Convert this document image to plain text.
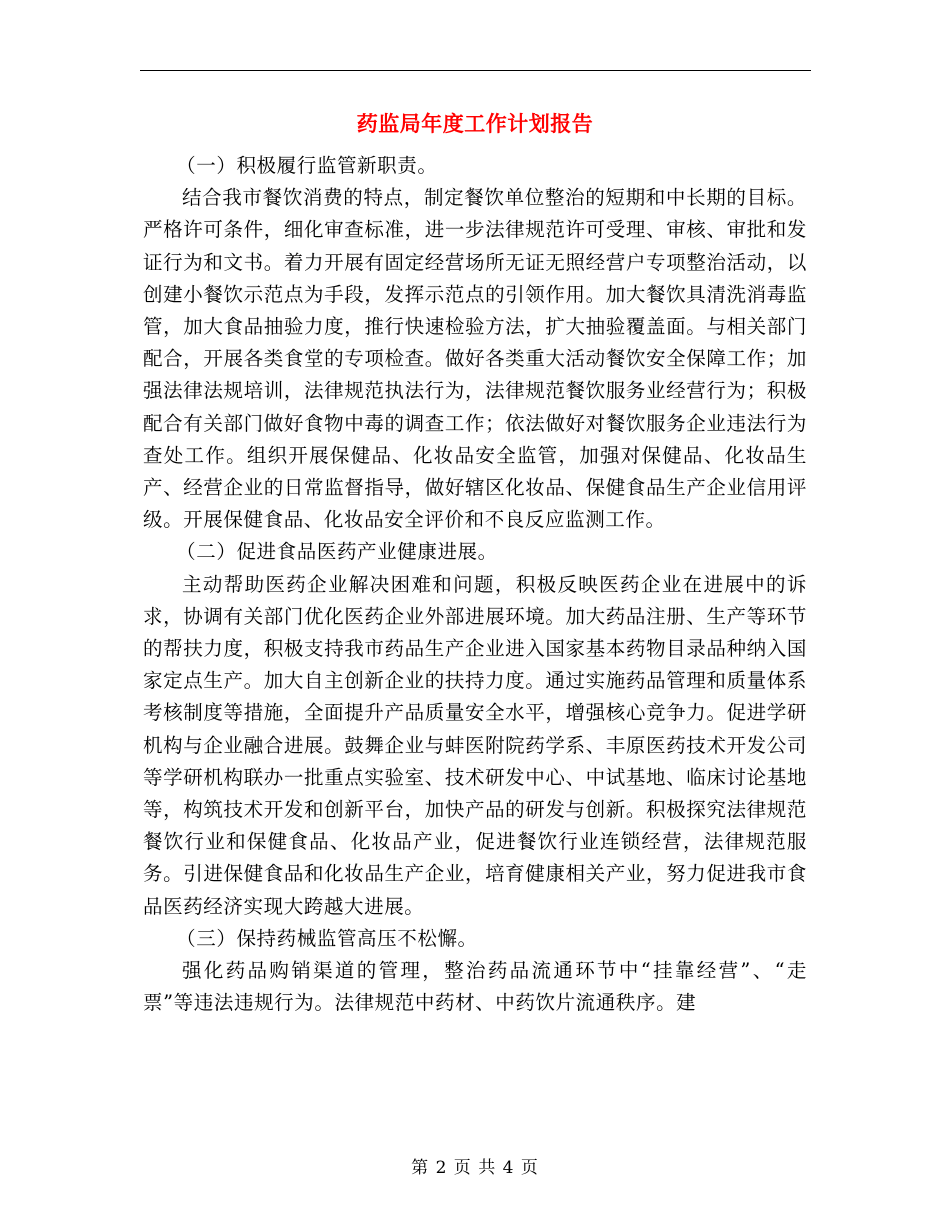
药监局年度工作计划报告

（一）积极履行监管新职责。

结合我市餐饮消费的特点，制定餐饮单位整治的短期和中长期的目标。严格许可条件，细化审查标准，进一步法律规范许可受理、审核、审批和发证行为和文书。着力开展有固定经营场所无证无照经营户专项整治活动，以创建小餐饮示范点为手段，发挥示范点的引领作用。加大餐饮具清洗消毒监管，加大食品抽验力度，推行快速检验方法，扩大抽验覆盖面。与相关部门配合，开展各类食堂的专项检查。做好各类重大活动餐饮安全保障工作；加强法律法规培训，法律规范执法行为，法律规范餐饮服务业经营行为；积极配合有关部门做好食物中毒的调查工作；依法做好对餐饮服务企业违法行为查处工作。组织开展保健品、化妆品安全监管，加强对保健品、化妆品生产、经营企业的日常监督指导，做好辖区化妆品、保健食品生产企业信用评级。开展保健食品、化妆品安全评价和不良反应监测工作。

（二）促进食品医药产业健康进展。

主动帮助医药企业解决困难和问题，积极反映医药企业在进展中的诉求，协调有关部门优化医药企业外部进展环境。加大药品注册、生产等环节的帮扶力度，积极支持我市药品生产企业进入国家基本药物目录品种纳入国家定点生产。加大自主创新企业的扶持力度。通过实施药品管理和质量体系考核制度等措施，全面提升产品质量安全水平，增强核心竞争力。促进学研机构与企业融合进展。鼓舞企业与蚌医附院药学系、丰原医药技术开发公司等学研机构联办一批重点实验室、技术研发中心、中试基地、临床讨论基地等，构筑技术开发和创新平台，加快产品的研发与创新。积极探究法律规范餐饮行业和保健食品、化妆品产业，促进餐饮行业连锁经营，法律规范服务。引进保健食品和化妆品生产企业，培育健康相关产业，努力促进我市食品医药经济实现大跨越大进展。

（三）保持药械监管高压不松懈。

强化药品购销渠道的管理，整治药品流通环节中“挂靠经营”、“走票”等违法违规行为。法律规范中药材、中药饮片流通秩序。建

第 2 页 共 4 页
